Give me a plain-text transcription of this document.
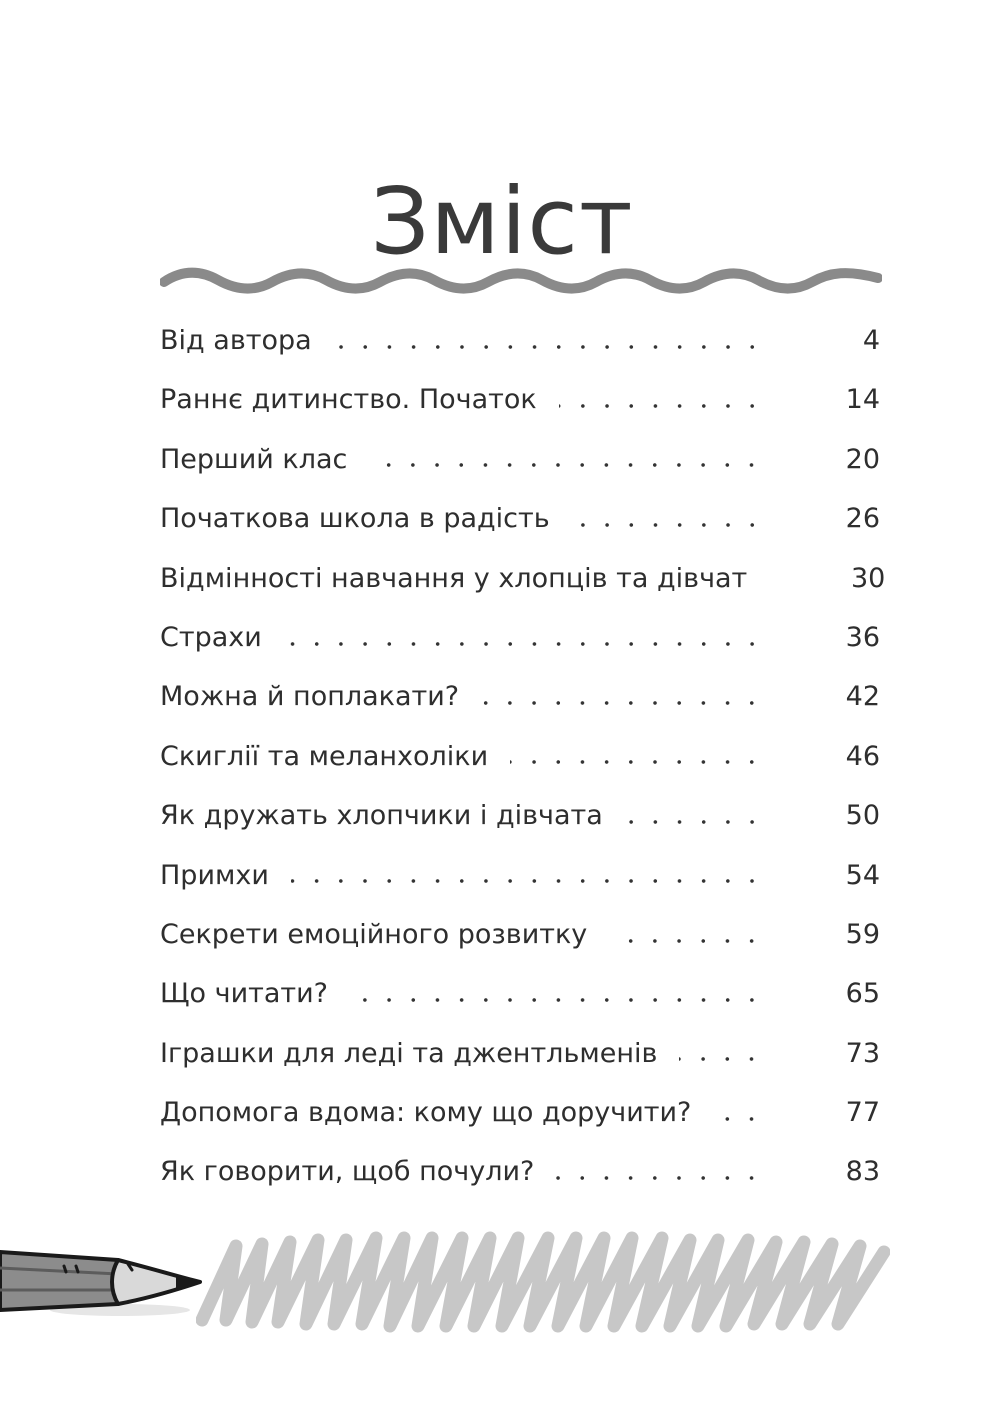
Зміст
Від автора	4
Раннє дитинство. Початок	14
Перший клас	20
Початкова школа в радість	26
Відмінності навчання у хлопців та дівчат	30
Страхи	36
Можна й поплакати?	42
Скиглії та меланхоліки	46
Як дружать хлопчики і дівчата	50
Примхи	54
Секрети емоційного розвитку	59
Що читати?	65
Іграшки для леді та джентльменів	73
Допомога вдома: кому що доручити?	77
Як говорити, щоб почули?	83
